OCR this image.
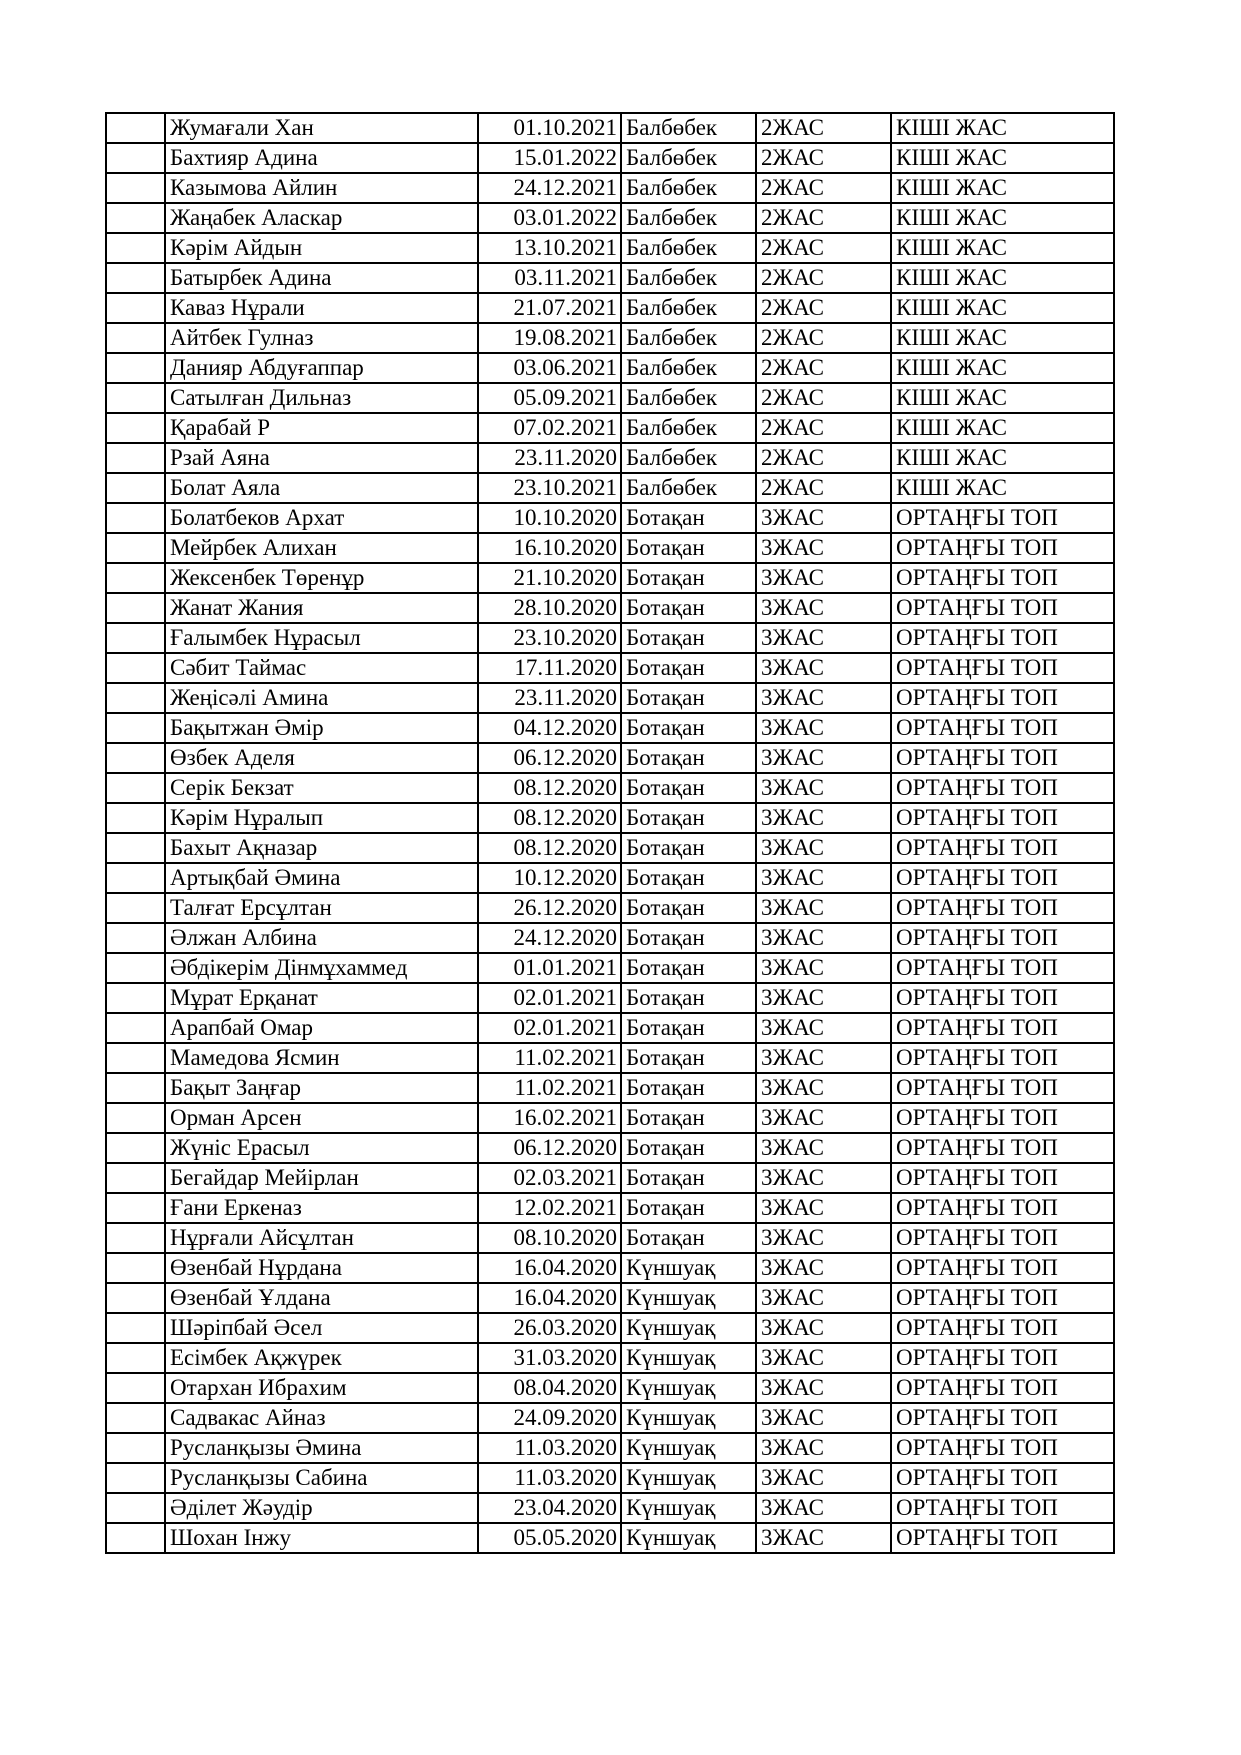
	Жумағали Хан	01.10.2021	Балбөбек	2ЖАС	КІШІ ЖАС
	Бахтияр Адина	15.01.2022	Балбөбек	2ЖАС	КІШІ ЖАС
	Казымова Айлин	24.12.2021	Балбөбек	2ЖАС	КІШІ ЖАС
	Жаңабек Аласкар	03.01.2022	Балбөбек	2ЖАС	КІШІ ЖАС
	Кәрім Айдын	13.10.2021	Балбөбек	2ЖАС	КІШІ ЖАС
	Батырбек Адина	03.11.2021	Балбөбек	2ЖАС	КІШІ ЖАС
	Каваз Нұрали	21.07.2021	Балбөбек	2ЖАС	КІШІ ЖАС
	Айтбек Гулназ	19.08.2021	Балбөбек	2ЖАС	КІШІ ЖАС
	Данияр Абдуғаппар	03.06.2021	Балбөбек	2ЖАС	КІШІ ЖАС
	Сатылған Дильназ	05.09.2021	Балбөбек	2ЖАС	КІШІ ЖАС
	Қарабай Р	07.02.2021	Балбөбек	2ЖАС	КІШІ ЖАС
	Рзай Аяна	23.11.2020	Балбөбек	2ЖАС	КІШІ ЖАС
	Болат Аяла	23.10.2021	Балбөбек	2ЖАС	КІШІ ЖАС
	Болатбеков Архат	10.10.2020	Ботақан	3ЖАС	ОРТАҢҒЫ ТОП
	Мейрбек Алихан	16.10.2020	Ботақан	3ЖАС	ОРТАҢҒЫ ТОП
	Жексенбек Төренұр	21.10.2020	Ботақан	3ЖАС	ОРТАҢҒЫ ТОП
	Жанат Жания	28.10.2020	Ботақан	3ЖАС	ОРТАҢҒЫ ТОП
	Ғалымбек Нұрасыл	23.10.2020	Ботақан	3ЖАС	ОРТАҢҒЫ ТОП
	Сәбит Таймас	17.11.2020	Ботақан	3ЖАС	ОРТАҢҒЫ ТОП
	Жеңісәлі Амина	23.11.2020	Ботақан	3ЖАС	ОРТАҢҒЫ ТОП
	Бақытжан Әмір	04.12.2020	Ботақан	3ЖАС	ОРТАҢҒЫ ТОП
	Өзбек Аделя	06.12.2020	Ботақан	3ЖАС	ОРТАҢҒЫ ТОП
	Серік Бекзат	08.12.2020	Ботақан	3ЖАС	ОРТАҢҒЫ ТОП
	Кәрім Нұралып	08.12.2020	Ботақан	3ЖАС	ОРТАҢҒЫ ТОП
	Бахыт Ақназар	08.12.2020	Ботақан	3ЖАС	ОРТАҢҒЫ ТОП
	Артықбай Әмина	10.12.2020	Ботақан	3ЖАС	ОРТАҢҒЫ ТОП
	Талғат Ерсұлтан	26.12.2020	Ботақан	3ЖАС	ОРТАҢҒЫ ТОП
	Әлжан Албина	24.12.2020	Ботақан	3ЖАС	ОРТАҢҒЫ ТОП
	Әбдікерім Дінмұхаммед	01.01.2021	Ботақан	3ЖАС	ОРТАҢҒЫ ТОП
	Мұрат Ерқанат	02.01.2021	Ботақан	3ЖАС	ОРТАҢҒЫ ТОП
	Арапбай Омар	02.01.2021	Ботақан	3ЖАС	ОРТАҢҒЫ ТОП
	Мамедова Ясмин	11.02.2021	Ботақан	3ЖАС	ОРТАҢҒЫ ТОП
	Бақыт Заңғар	11.02.2021	Ботақан	3ЖАС	ОРТАҢҒЫ ТОП
	Орман Арсен	16.02.2021	Ботақан	3ЖАС	ОРТАҢҒЫ ТОП
	Жүніс Ерасыл	06.12.2020	Ботақан	3ЖАС	ОРТАҢҒЫ ТОП
	Бегайдар Мейірлан	02.03.2021	Ботақан	3ЖАС	ОРТАҢҒЫ ТОП
	Ғани Еркеназ	12.02.2021	Ботақан	3ЖАС	ОРТАҢҒЫ ТОП
	Нұрғали Айсұлтан	08.10.2020	Ботақан	3ЖАС	ОРТАҢҒЫ ТОП
	Өзенбай Нұрдана	16.04.2020	Күншуақ	3ЖАС	ОРТАҢҒЫ ТОП
	Өзенбай Ұлдана	16.04.2020	Күншуақ	3ЖАС	ОРТАҢҒЫ ТОП
	Шәріпбай Әсел	26.03.2020	Күншуақ	3ЖАС	ОРТАҢҒЫ ТОП
	Есімбек Ақжүрек	31.03.2020	Күншуақ	3ЖАС	ОРТАҢҒЫ ТОП
	Отархан Ибрахим	08.04.2020	Күншуақ	3ЖАС	ОРТАҢҒЫ ТОП
	Садвакас Айназ	24.09.2020	Күншуақ	3ЖАС	ОРТАҢҒЫ ТОП
	Русланқызы Әмина	11.03.2020	Күншуақ	3ЖАС	ОРТАҢҒЫ ТОП
	Русланқызы Сабина	11.03.2020	Күншуақ	3ЖАС	ОРТАҢҒЫ ТОП
	Әділет Жәудір	23.04.2020	Күншуақ	3ЖАС	ОРТАҢҒЫ ТОП
	Шохан Інжу	05.05.2020	Күншуақ	3ЖАС	ОРТАҢҒЫ ТОП
